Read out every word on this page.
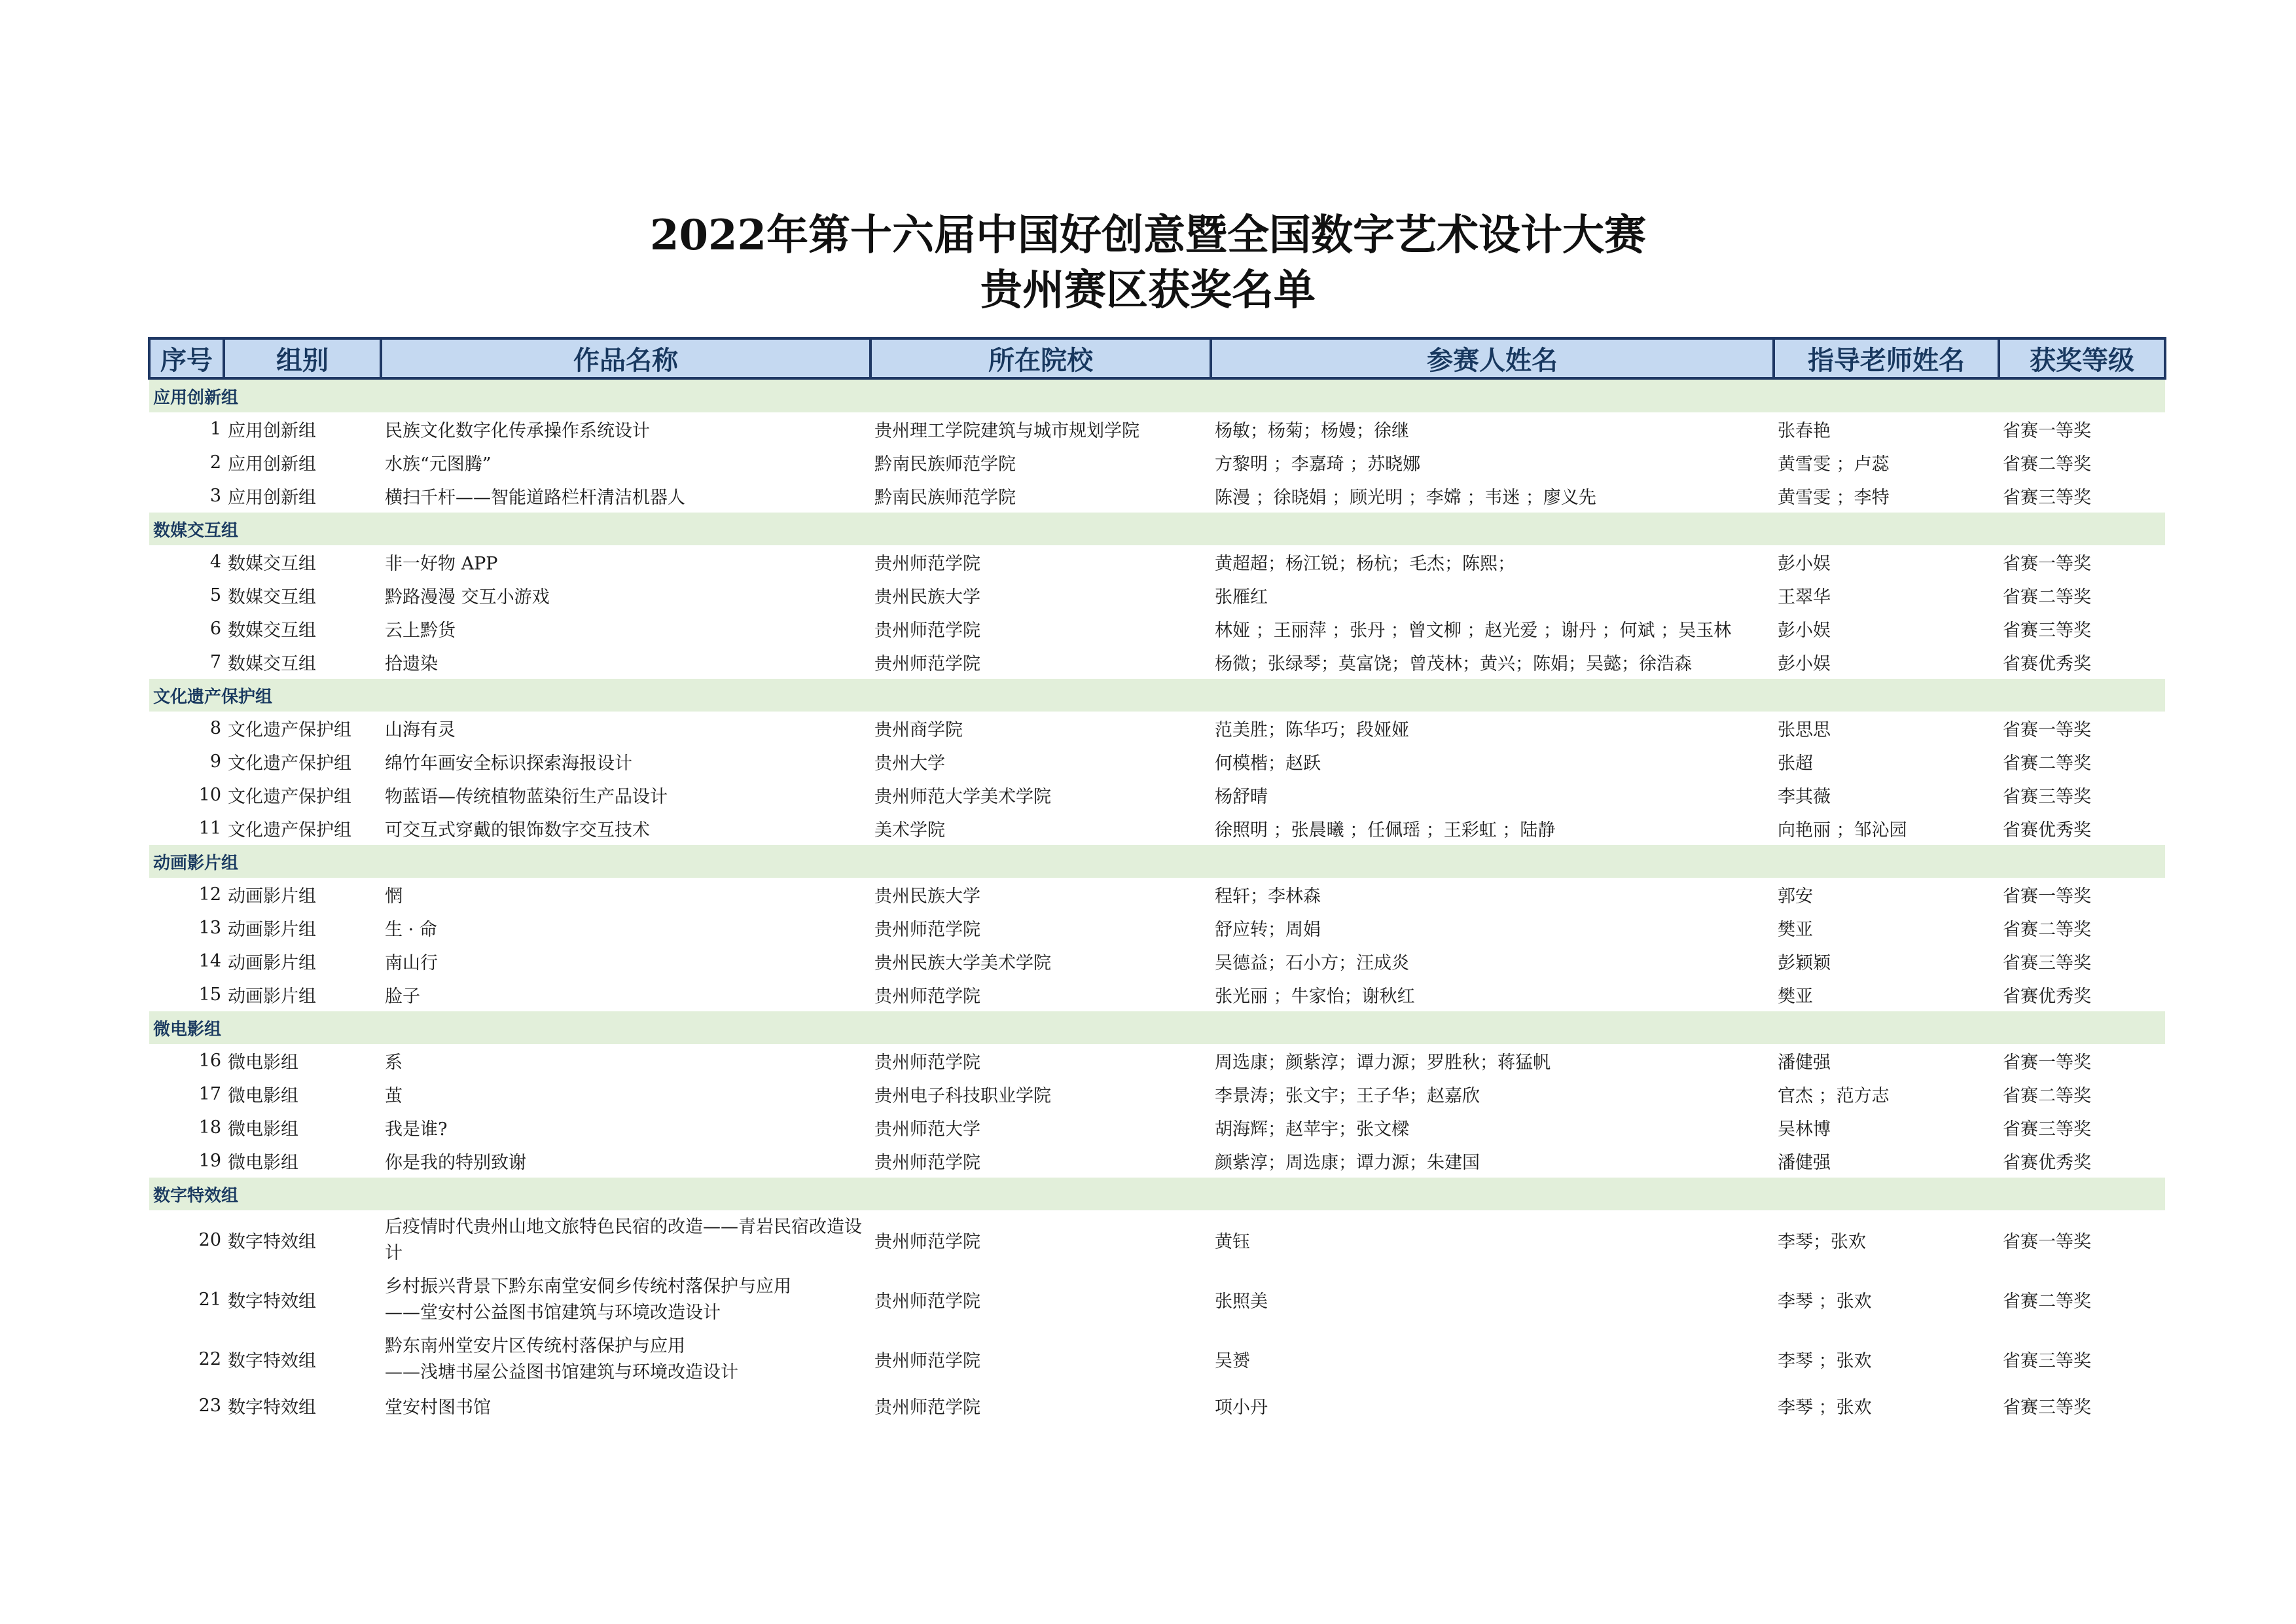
2022年第十六届中国好创意暨全国数字艺术设计大赛

贵州赛区获奖名单

序号	组别	作品名称	所在院校	参赛人姓名	指导老师姓名	获奖等级
应用创新组						
1	应用创新组	民族文化数字化传承操作系统设计	贵州理工学院建筑与城市规划学院	杨敏；杨菊；杨嫚；徐继	张春艳	省赛一等奖
2	应用创新组	水族“元图腾”	黔南民族师范学院	方黎明 ；李嘉琦 ；苏晓娜	黄雪雯 ；卢蕊	省赛二等奖
3	应用创新组	横扫千杆——智能道路栏杆清洁机器人	黔南民族师范学院	陈漫 ；徐晓娟 ；顾光明 ；李嫦 ；韦迷 ；廖义先	黄雪雯 ；李特	省赛三等奖
数媒交互组						
4	数媒交互组	非一好物 APP	贵州师范学院	黄超超；杨江锐；杨杭；毛杰；陈熙；	彭小娱	省赛一等奖
5	数媒交互组	黔路漫漫 交互小游戏	贵州民族大学	张雁红	王翠华	省赛二等奖
6	数媒交互组	云上黔货	贵州师范学院	林娅 ；王丽萍 ；张丹 ；曾文柳 ；赵光爱 ；谢丹 ；何斌 ；吴玉林	彭小娱	省赛三等奖
7	数媒交互组	拾遗染	贵州师范学院	杨微；张绿琴；莫富饶；曾茂林；黄兴；陈娟；吴懿；徐浩森	彭小娱	省赛优秀奖
文化遗产保护组						
8	文化遗产保护组	山海有灵	贵州商学院	范美胜；陈华巧；段娅娅	张思思	省赛一等奖
9	文化遗产保护组	绵竹年画安全标识探索海报设计	贵州大学	何模楷；赵跃	张超	省赛二等奖
10	文化遗产保护组	物蓝语—传统植物蓝染衍生产品设计	贵州师范大学美术学院	杨舒晴	李其薇	省赛三等奖
11	文化遗产保护组	可交互式穿戴的银饰数字交互技术	美术学院	徐照明 ；张晨曦 ；任佩瑶 ；王彩虹 ；陆静	向艳丽 ；邹沁园	省赛优秀奖
动画影片组						
12	动画影片组	惘	贵州民族大学	程轩；李林森	郭安	省赛一等奖
13	动画影片组	生 · 命	贵州师范学院	舒应转；周娟	樊亚	省赛二等奖
14	动画影片组	南山行	贵州民族大学美术学院	吴德益；石小方；汪成炎	彭颖颖	省赛三等奖
15	动画影片组	脸子	贵州师范学院	张光丽 ；牛家怡；谢秋红	樊亚	省赛优秀奖
微电影组						
16	微电影组	系	贵州师范学院	周选康；颜紫淳；谭力源；罗胜秋；蒋猛帆	潘健强	省赛一等奖
17	微电影组	茧	贵州电子科技职业学院	李景涛；张文宇；王子华；赵嘉欣	官杰 ；范方志	省赛二等奖
18	微电影组	我是谁?	贵州师范大学	胡海辉；赵苹宇；张文樑	吴林博	省赛三等奖
19	微电影组	你是我的特别致谢	贵州师范学院	颜紫淳；周选康；谭力源；朱建国	潘健强	省赛优秀奖
数字特效组						
20	数字特效组	后疫情时代贵州山地文旅特色民宿的改造——青岩民宿改造设计	贵州师范学院	黄钰	李琴；张欢	省赛一等奖
21	数字特效组	乡村振兴背景下黔东南堂安侗乡传统村落保护与应用
——堂安村公益图书馆建筑与环境改造设计	贵州师范学院	张照美	李琴 ；张欢	省赛二等奖
22	数字特效组	黔东南州堂安片区传统村落保护与应用
——浅塘书屋公益图书馆建筑与环境改造设计	贵州师范学院	吴赟	李琴 ；张欢	省赛三等奖
23	数字特效组	堂安村图书馆	贵州师范学院	项小丹	李琴 ；张欢	省赛三等奖
